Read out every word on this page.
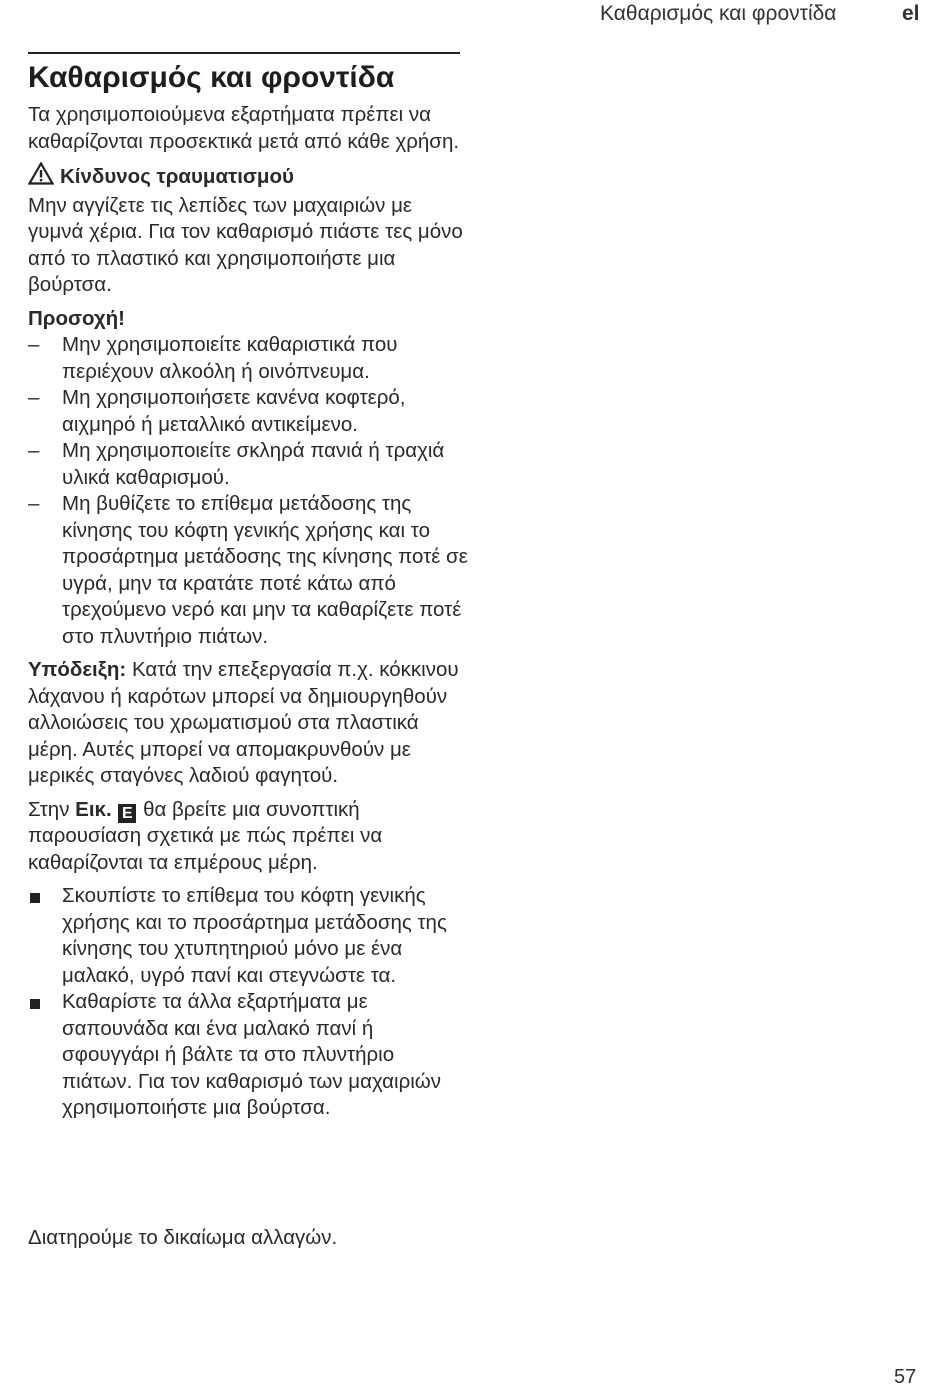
Καθαρισμός και φροντίδα	el
Καθαρισμός και φροντίδα

Τα χρησιμοποιούμενα εξαρτήματα πρέπει να καθαρίζονται προσεκτικά μετά από κάθε χρήση.

Κίνδυνος τραυματισμού

Μην αγγίζετε τις λεπίδες των μαχαιριών με γυμνά χέρια. Για τον καθαρισμό πιάστε τες μόνο από το πλαστικό και χρησιμοποιήστε μια βούρτσα.

Προσοχή!
– Μην χρησιμοποιείτε καθαριστικά που περιέχουν αλκοόλη ή οινόπνευμα.
– Μη χρησιμοποιήσετε κανένα κοφτερό, αιχμηρό ή μεταλλικό αντικείμενο.
– Μη χρησιμοποιείτε σκληρά πανιά ή τραχιά υλικά καθαρισμού.
– Μη βυθίζετε το επίθεμα μετάδοσης της κίνησης του κόφτη γενικής χρήσης και το προσάρτημα μετάδοσης της κίνησης ποτέ σε υγρά, μην τα κρατάτε ποτέ κάτω από τρεχούμενο νερό και μην τα καθαρίζετε ποτέ στο πλυντήριο πιάτων.

Υπόδειξη: Κατά την επεξεργασία π.χ. κόκκινου λάχανου ή καρότων μπορεί να δημιουργηθούν αλλοιώσεις του χρωματισμού στα πλαστικά μέρη. Αυτές μπορεί να απομακρυνθούν με μερικές σταγόνες λαδιού φαγητού.

Στην Εικ. E θα βρείτε μια συνοπτική παρουσίαση σχετικά με πώς πρέπει να καθαρίζονται τα επμέρους μέρη.

Σκουπίστε το επίθεμα του κόφτη γενικής χρήσης και το προσάρτημα μετάδοσης της κίνησης του χτυπητηριού μόνο με ένα μαλακό, υγρό πανί και στεγνώστε τα.
Καθαρίστε τα άλλα εξαρτήματα με σαπουνάδα και ένα μαλακό πανί ή σφουγγάρι ή βάλτε τα στο πλυντήριο πιάτων. Για τον καθαρισμό των μαχαιριών χρησιμοποιήστε μια βούρτσα.
Διατηρούμε το δικαίωμα αλλαγών.
57
